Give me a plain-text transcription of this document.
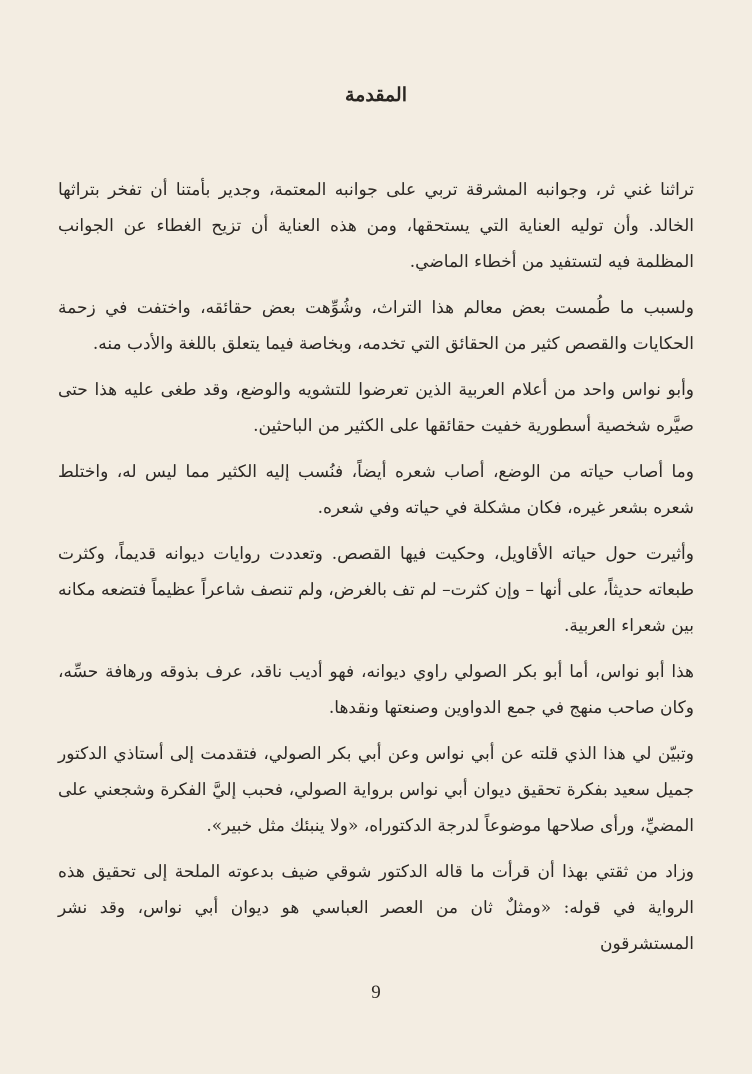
المقدمة

تراثنا غني ثر، وجوانبه المشرقة تربي على جوانبه المعتمة، وجدير بأمتنا أن تفخر بتراثها الخالد. وأن توليه العناية التي يستحقها، ومن هذه العناية أن تزيح الغطاء عن الجوانب المظلمة فيه لتستفيد من أخطاء الماضي.

ولسبب ما طُمست بعض معالم هذا التراث، وشُوِّهت بعض حقائقه، واختفت في زحمة الحكايات والقصص كثير من الحقائق التي تخدمه، وبخاصة فيما يتعلق باللغة والأدب منه.

وأبو نواس واحد من أعلام العربية الذين تعرضوا للتشويه والوضع، وقد طغى عليه هذا حتى صيَّره شخصية أسطورية خفيت حقائقها على الكثير من الباحثين.

وما أصاب حياته من الوضع، أصاب شعره أيضاً، فنُسب إليه الكثير مما ليس له، واختلط شعره بشعر غيره، فكان مشكلة في حياته وفي شعره.

وأثيرت حول حياته الأقاويل، وحكيت فيها القصص. وتعددت روايات ديوانه قديماً، وكثرت طبعاته حديثاً، على أنها – وإن كثرت– لم تف بالغرض، ولم تنصف شاعراً عظيماً فتضعه مكانه بين شعراء العربية.

هذا أبو نواس، أما أبو بكر الصولي راوي ديوانه، فهو أديب ناقد، عرف بذوقه ورهافة حسِّه، وكان صاحب منهج في جمع الدواوين وصنعتها ونقدها.

وتبيّن لي هذا الذي قلته عن أبي نواس وعن أبي بكر الصولي، فتقدمت إلى أستاذي الدكتور جميل سعيد بفكرة تحقيق ديوان أبي نواس برواية الصولي، فحبب إليَّ الفكرة وشجعني على المضيِّ، ورأى صلاحها موضوعاً لدرجة الدكتوراه، «ولا ينبئك مثل خبير».

وزاد من ثقتي بهذا أن قرأت ما قاله الدكتور شوقي ضيف بدعوته الملحة إلى تحقيق هذه الرواية في قوله: «ومثلٌ ثان من العصر العباسي هو ديوان أبي نواس، وقد نشر المستشرقون

9
